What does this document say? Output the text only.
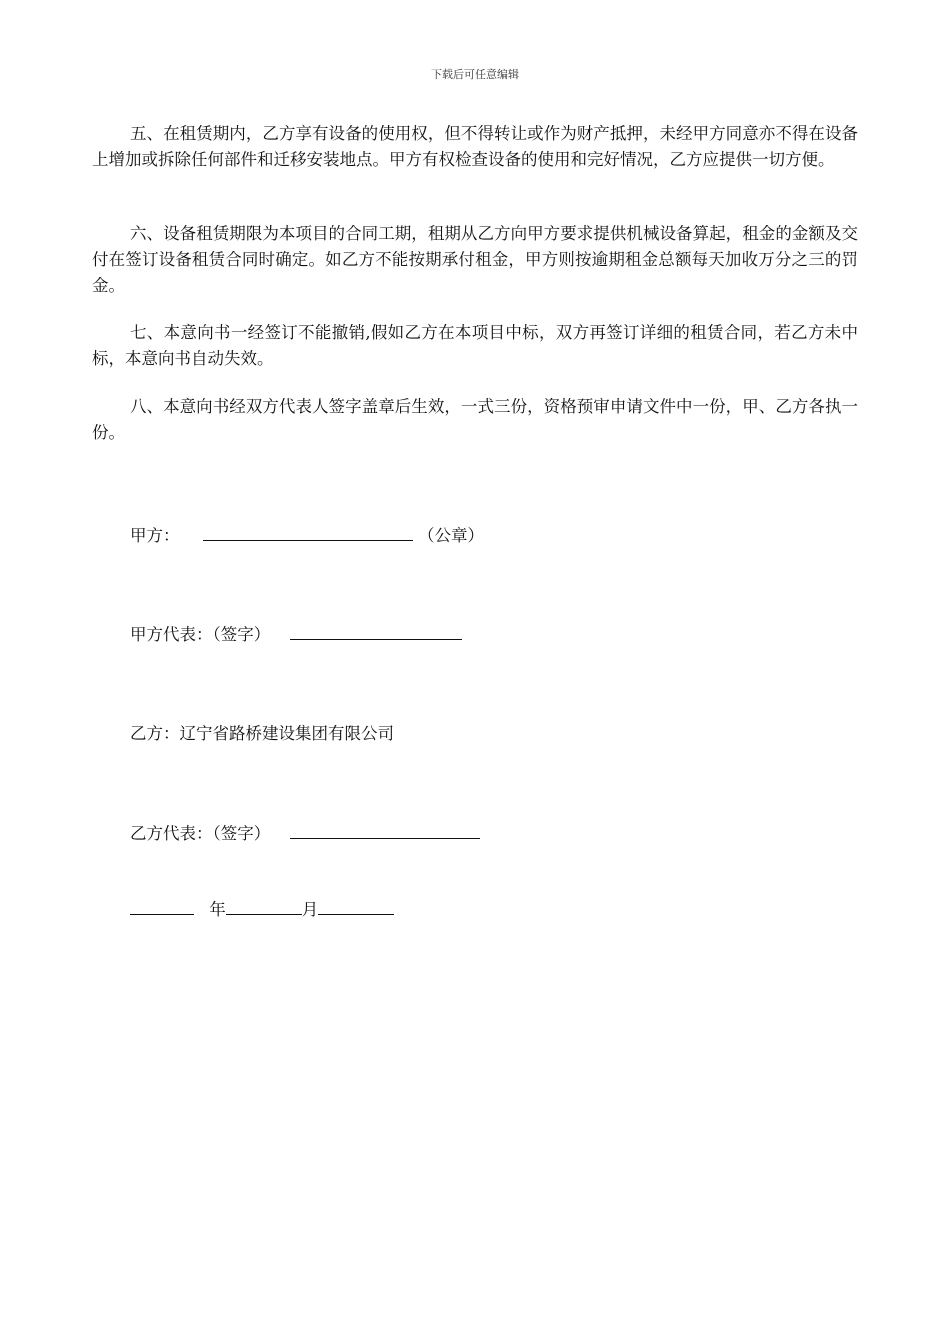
下载后可任意编辑

五、在租赁期内，乙方享有设备的使用权，但不得转让或作为财产抵押，未经甲方同意亦不得在设备上增加或拆除任何部件和迁移安装地点。甲方有权检查设备的使用和完好情况，乙方应提供一切方便。

六、设备租赁期限为本项目的合同工期，租期从乙方向甲方要求提供机械设备算起，租金的金额及交付在签订设备租赁合同时确定。如乙方不能按期承付租金，甲方则按逾期租金总额每天加收万分之三的罚金。

七、本意向书一经签订不能撤销,假如乙方在本项目中标，双方再签订详细的租赁合同，若乙方未中标，本意向书自动失效。

八、本意向书经双方代表人签字盖章后生效，一式三份，资格预审申请文件中一份，甲、乙方各执一份。

甲方：	（公章）
甲方代表：（签字）
乙方：辽宁省路桥建设集团有限公司
乙方代表：（签字）
年	月
